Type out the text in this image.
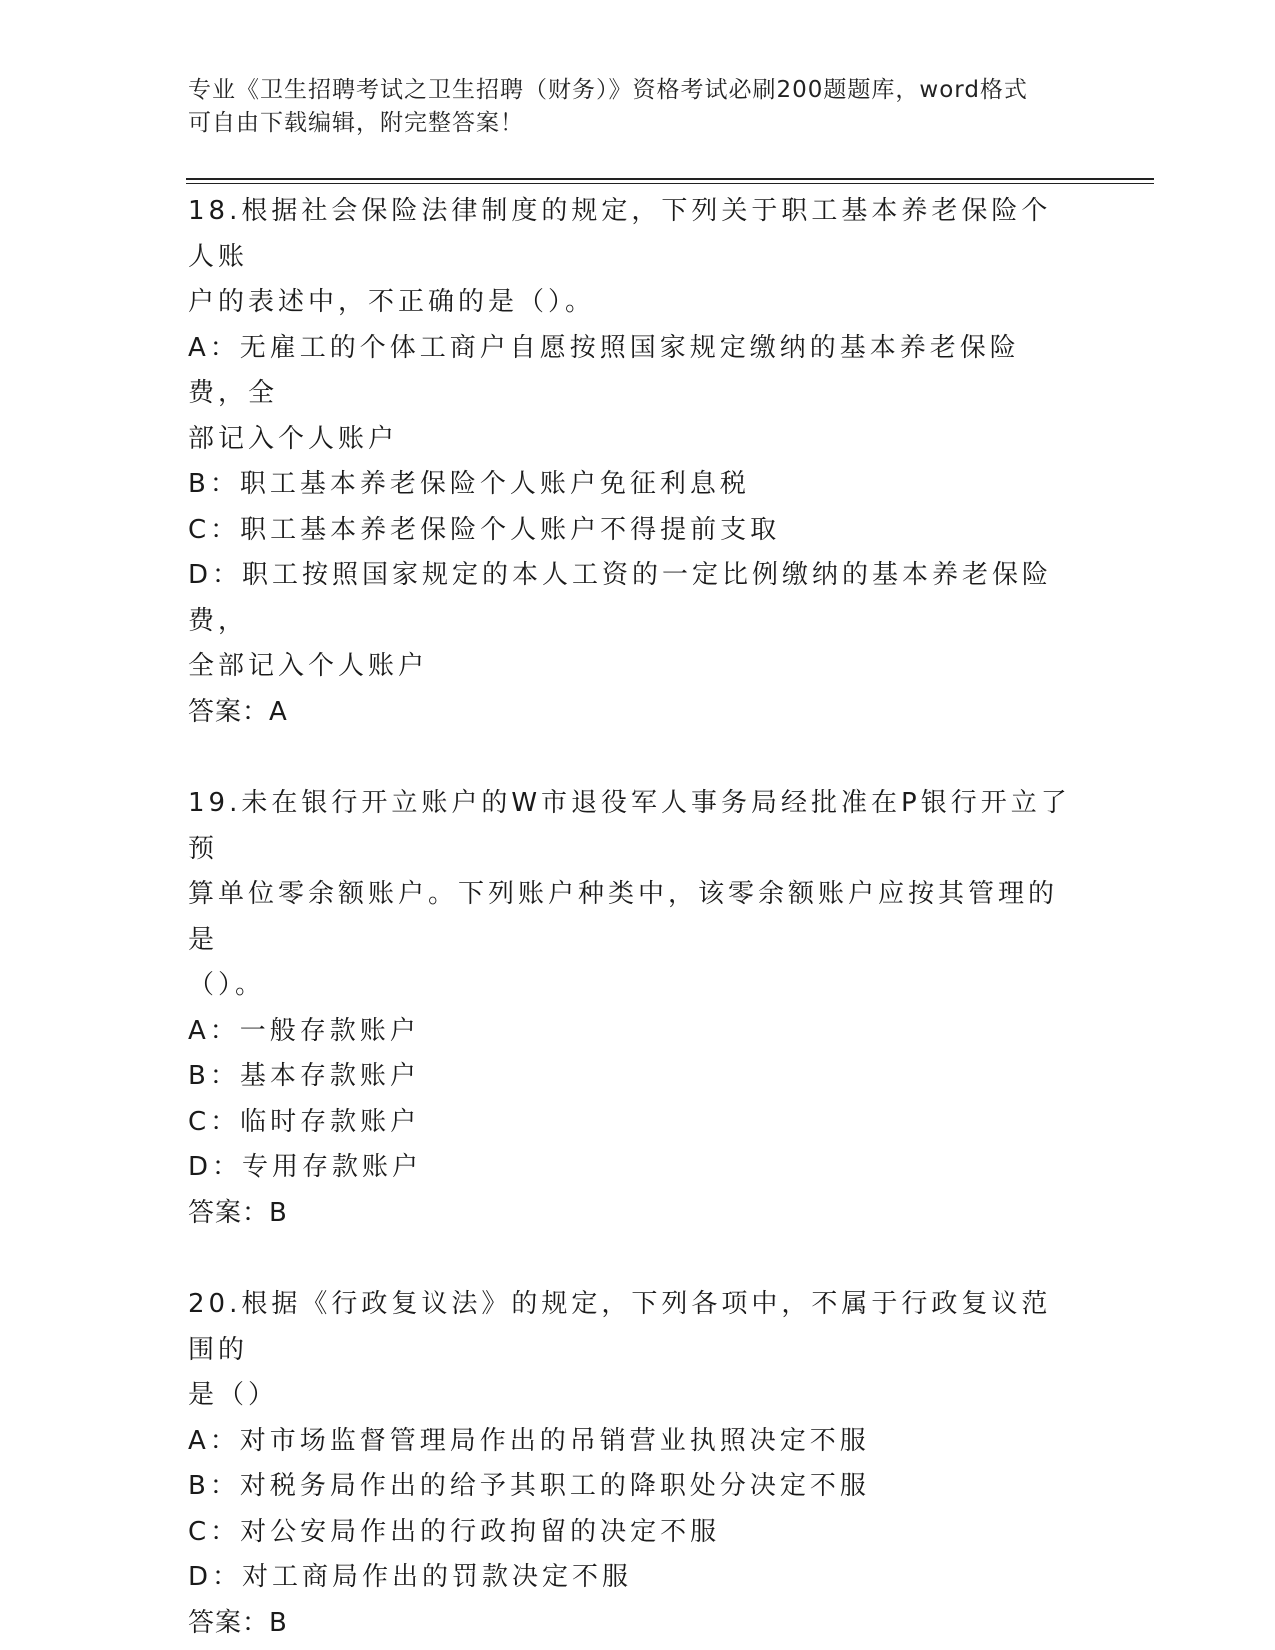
专业《卫生招聘考试之卫生招聘（财务）》资格考试必刷200题题库，word格式
可自由下载编辑，附完整答案！

18.根据社会保险法律制度的规定，下列关于职工基本养老保险个人账

户的表述中，不正确的是（）。

A：无雇工的个体工商户自愿按照国家规定缴纳的基本养老保险费，全

部记入个人账户

B：职工基本养老保险个人账户免征利息税

C：职工基本养老保险个人账户不得提前支取

D：职工按照国家规定的本人工资的一定比例缴纳的基本养老保险费，

全部记入个人账户

答案：A

19.未在银行开立账户的W市退役军人事务局经批准在P银行开立了预

算单位零余额账户。下列账户种类中，该零余额账户应按其管理的是

（）。

A：一般存款账户

B：基本存款账户

C：临时存款账户

D：专用存款账户

答案：B

20.根据《行政复议法》的规定，下列各项中，不属于行政复议范围的

是（）

A：对市场监督管理局作出的吊销营业执照决定不服

B：对税务局作出的给予其职工的降职处分决定不服

C：对公安局作出的行政拘留的决定不服

D：对工商局作出的罚款决定不服

答案：B
